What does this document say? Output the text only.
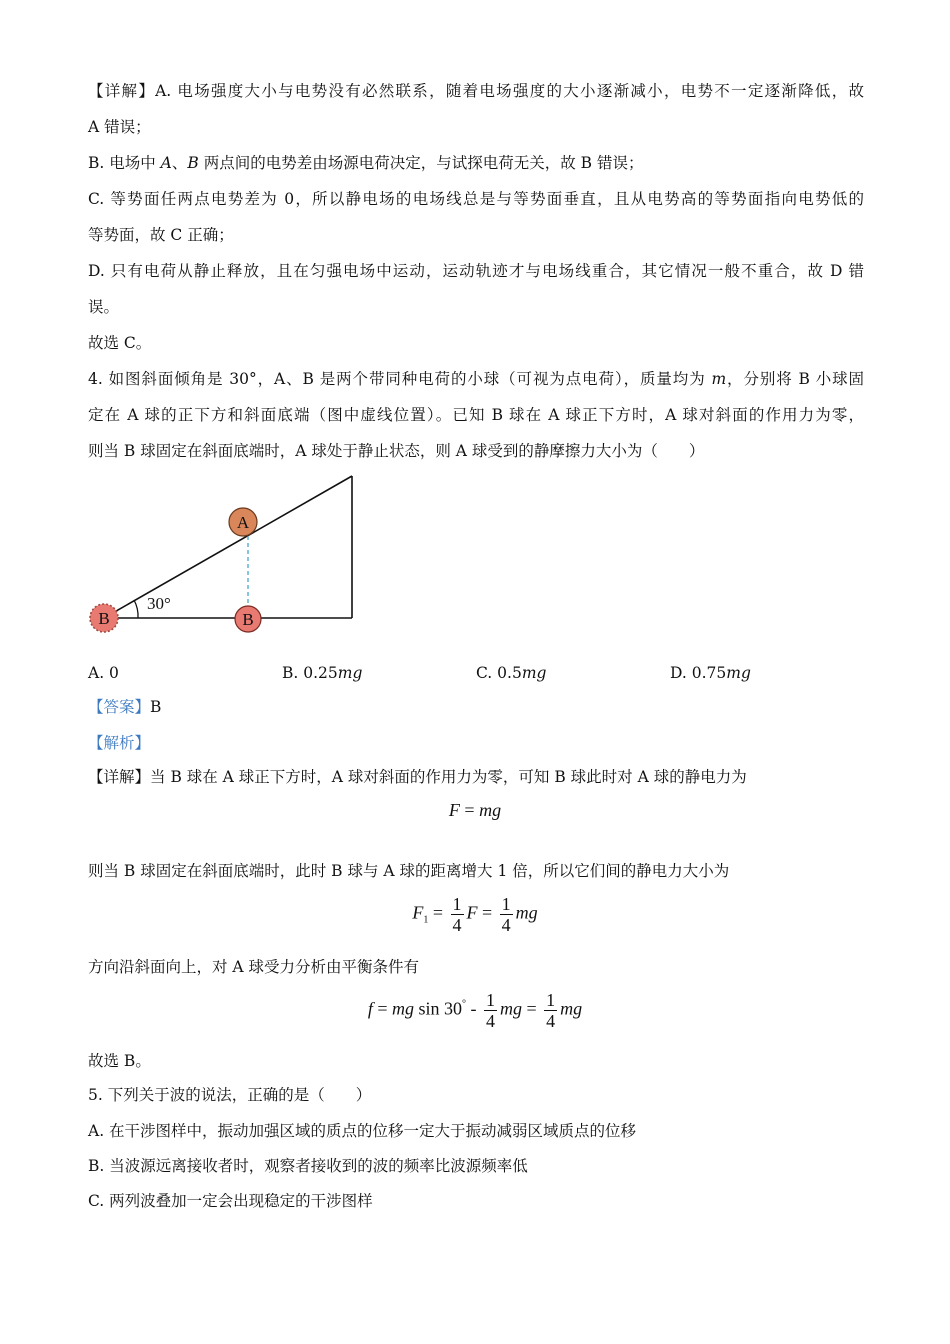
【详解】A. 电场强度大小与电势没有必然联系，随着电场强度的大小逐渐减小，电势不一定逐渐降低，故
A 错误；
B. 电场中 A、B 两点间的电势差由场源电荷决定，与试探电荷无关，故 B 错误；
C. 等势面任两点电势差为 0，所以静电场的电场线总是与等势面垂直，且从电势高的等势面指向电势低的
等势面，故 C 正确；
D. 只有电荷从静止释放，且在匀强电场中运动，运动轨迹才与电场线重合，其它情况一般不重合，故 D 错
误。
故选 C。
4. 如图斜面倾角是 30°，A、B 是两个带同种电荷的小球（可视为点电荷），质量均为 m，分别将 B 小球固
定在 A 球的正下方和斜面底端（图中虚线位置）。已知 B 球在 A 球正下方时，A 球对斜面的作用力为零，
则当 B 球固定在斜面底端时，A 球处于静止状态，则 A 球受到的静摩擦力大小为（　　）
30°
A
B
B
A. 0	B. 0.25mg	C. 0.5mg	D. 0.75mg
【答案】B
【解析】
【详解】当 B 球在 A 球正下方时，A 球对斜面的作用力为零，可知 B 球此时对 A 球的静电力为
F = mg
则当 B 球固定在斜面底端时，此时 B 球与 A 球的距离增大 1 倍，所以它们间的静电力大小为
$F_1 = \frac{1}{4}$ $F = \frac{1}{4}$ mg
方向沿斜面向上，对 A 球受力分析由平衡条件有
f = mg $\sin 30^\circ - \frac{1}{4}$ mg = $\frac{1}{4}$ mg
故选 B。
5. 下列关于波的说法，正确的是（　　）
A. 在干涉图样中，振动加强区域的质点的位移一定大于振动减弱区域质点的位移
B. 当波源远离接收者时，观察者接收到的波的频率比波源频率低
C. 两列波叠加一定会出现稳定的干涉图样
